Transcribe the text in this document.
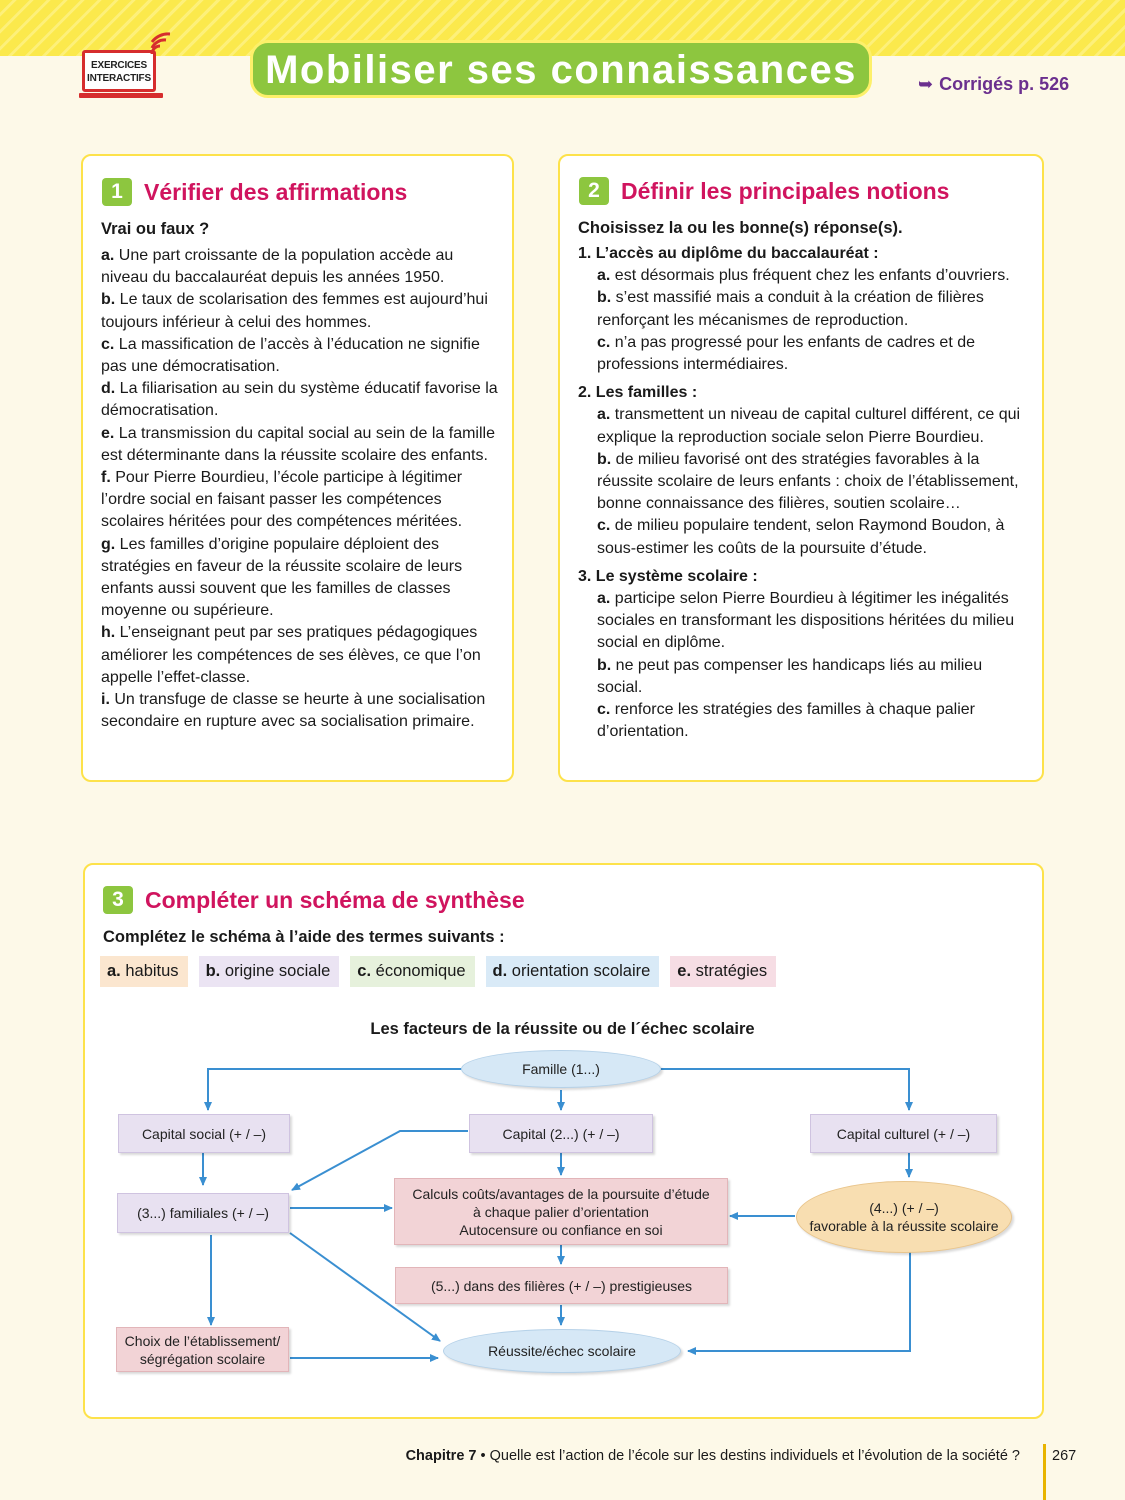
EXERCICES
INTERACTIFS	Mobiliser ses connaissances	➥ Corrigés p. 526
1 Vérifier des affirmations
Vrai ou faux ?
a. Une part croissante de la population accède au niveau du baccalauréat depuis les années 1950.
b. Le taux de scolarisation des femmes est aujourd’hui toujours inférieur à celui des hommes.
c. La massification de l’accès à l’éducation ne signifie pas une démocratisation.
d. La filiarisation au sein du système éducatif favorise la démocratisation.
e. La transmission du capital social au sein de la famille est déterminante dans la réussite scolaire des enfants.
f. Pour Pierre Bourdieu, l’école participe à légitimer l’ordre social en faisant passer les compétences scolaires héritées pour des compétences méritées.
g. Les familles d’origine populaire déploient des stratégies en faveur de la réussite scolaire de leurs enfants aussi souvent que les familles de classes moyenne ou supérieure.
h. L’enseignant peut par ses pratiques pédagogiques améliorer les compétences de ses élèves, ce que l’on appelle l’effet-classe.
i. Un transfuge de classe se heurte à une socialisation secondaire en rupture avec sa socialisation primaire.
2 Définir les principales notions
Choisissez la ou les bonne(s) réponse(s).
1. L’accès au diplôme du baccalauréat :
a. est désormais plus fréquent chez les enfants d’ouvriers.
b. s’est massifié mais a conduit à la création de filières renforçant les mécanismes de reproduction.
c. n’a pas progressé pour les enfants de cadres et de professions intermédiaires.
2. Les familles :
a. transmettent un niveau de capital culturel différent, ce qui explique la reproduction sociale selon Pierre Bourdieu.
b. de milieu favorisé ont des stratégies favorables à la réussite scolaire de leurs enfants : choix de l’établissement, bonne connaissance des filières, soutien scolaire…
c. de milieu populaire tendent, selon Raymond Boudon, à sous-estimer les coûts de la poursuite d’étude.
3. Le système scolaire :
a. participe selon Pierre Bourdieu à légitimer les inégalités sociales en transformant les dispositions héritées du milieu social en diplôme.
b. ne peut pas compenser les handicaps liés au milieu social.
c. renforce les stratégies des familles à chaque palier d’orientation.
3 Compléter un schéma de synthèse
Complétez le schéma à l’aide des termes suivants :
a. habitus	b. origine sociale	c. économique	d. orientation scolaire	e. stratégies
Les facteurs de la réussite ou de l´échec scolaire
Famille (1...)
Capital social (+ / –)	Capital (2...) (+ / –)	Capital culturel (+ / –)
(3...) familiales (+ / –)
Calculs coûts/avantages de la poursuite d’étude
à chaque palier d’orientation
Autocensure ou confiance en soi
(4...) (+ / –)
favorable à la réussite scolaire
(5...) dans des filières (+ / –) prestigieuses
Choix de l’établissement/
ségrégation scolaire	Réussite/échec scolaire
Chapitre 7 • Quelle est l’action de l’école sur les destins individuels et l’évolution de la société ? 267
